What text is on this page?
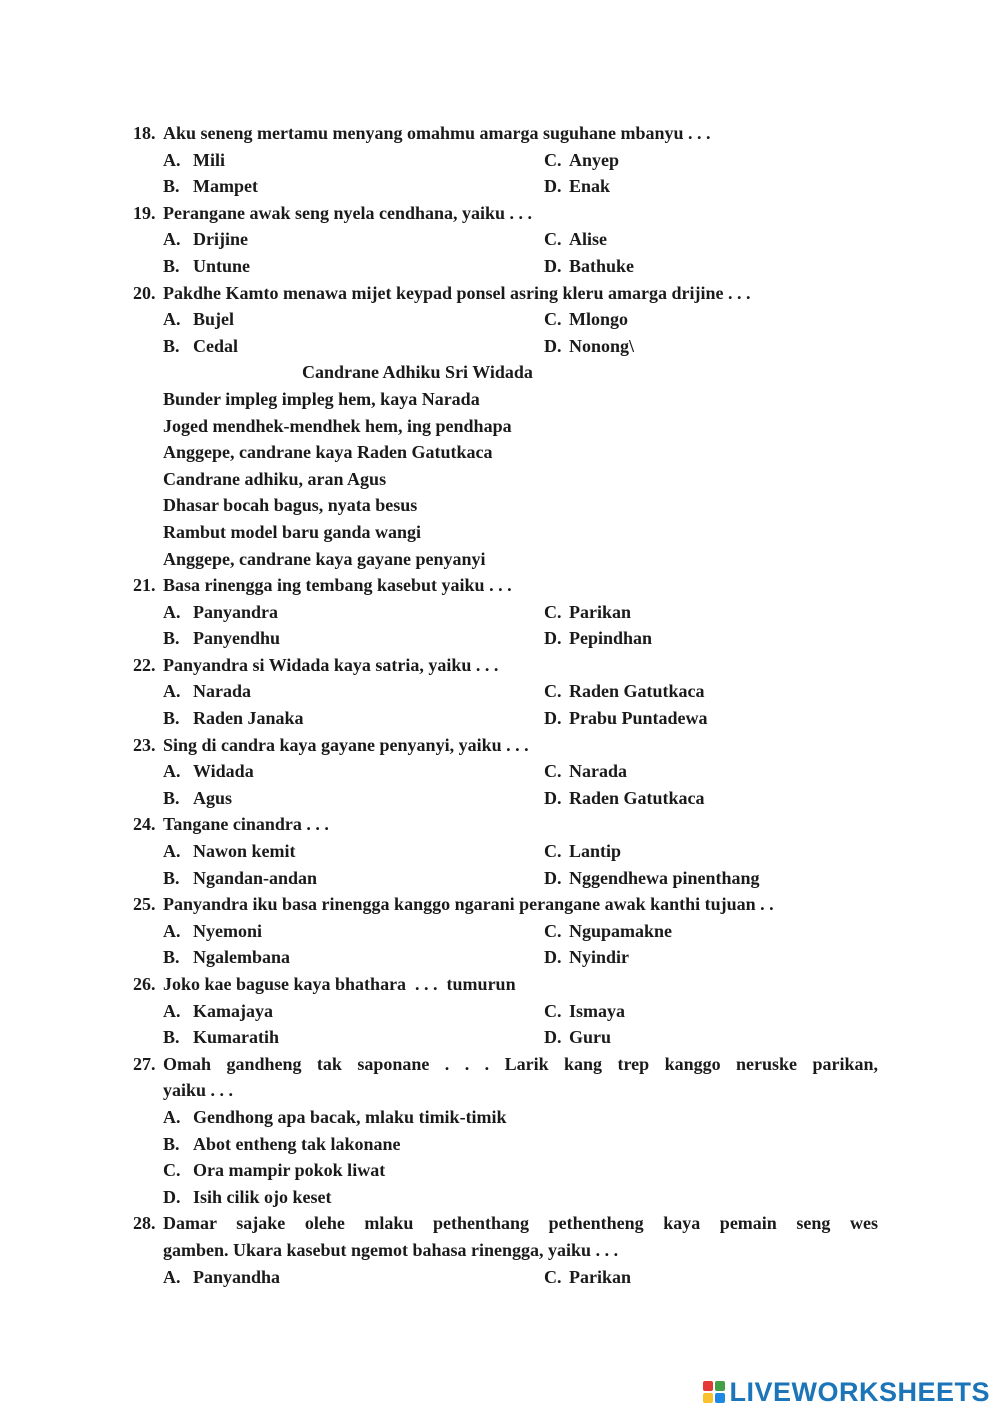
18. Aku seneng mertamu menyang omahmu amarga suguhane mbanyu . . .
A. Mili	C. Anyep
B. Mampet	D. Enak
19. Perangane awak seng nyela cendhana, yaiku . . .
A. Drijine	C. Alise
B. Untune	D. Bathuke
20. Pakdhe Kamto menawa mijet keypad ponsel asring kleru amarga drijine . . .
A. Bujel	C. Mlongo
B. Cedal	D. Nonong\
Candrane Adhiku Sri Widada
Bunder impleg impleg hem, kaya Narada
Joged mendhek-mendhek hem, ing pendhapa
Anggepe, candrane kaya Raden Gatutkaca
Candrane adhiku, aran Agus
Dhasar bocah bagus, nyata besus
Rambut model baru ganda wangi
Anggepe, candrane kaya gayane penyanyi
21. Basa rinengga ing tembang kasebut yaiku . . .
A. Panyandra	C. Parikan
B. Panyendhu	D. Pepindhan
22. Panyandra si Widada kaya satria, yaiku . . .
A. Narada	C. Raden Gatutkaca
B. Raden Janaka	D. Prabu Puntadewa
23. Sing di candra kaya gayane penyanyi, yaiku . . .
A. Widada	C. Narada
B. Agus	D. Raden Gatutkaca
24. Tangane cinandra . . .
A. Nawon kemit	C. Lantip
B. Ngandan-andan	D. Nggendhewa pinenthang
25. Panyandra iku basa rinengga kanggo ngarani perangane awak kanthi tujuan . .
A. Nyemoni	C. Ngupamakne
B. Ngalembana	D. Nyindir
26. Joko kae baguse kaya bhathara  . . .  tumurun
A. Kamajaya	C. Ismaya
B. Kumaratih	D. Guru
27. Omah gandheng tak saponane . . . Larik kang trep kanggo neruske parikan,
yaiku . . .
A. Gendhong apa bacak, mlaku timik-timik
B. Abot entheng tak lakonane
C. Ora mampir pokok liwat
D. Isih cilik ojo keset
28. Damar sajake olehe mlaku pethenthang pethentheng kaya pemain seng wes
gamben. Ukara kasebut ngemot bahasa rinengga, yaiku . . .
A. Panyandha	C. Parikan
LIVEWORKSHEETS
